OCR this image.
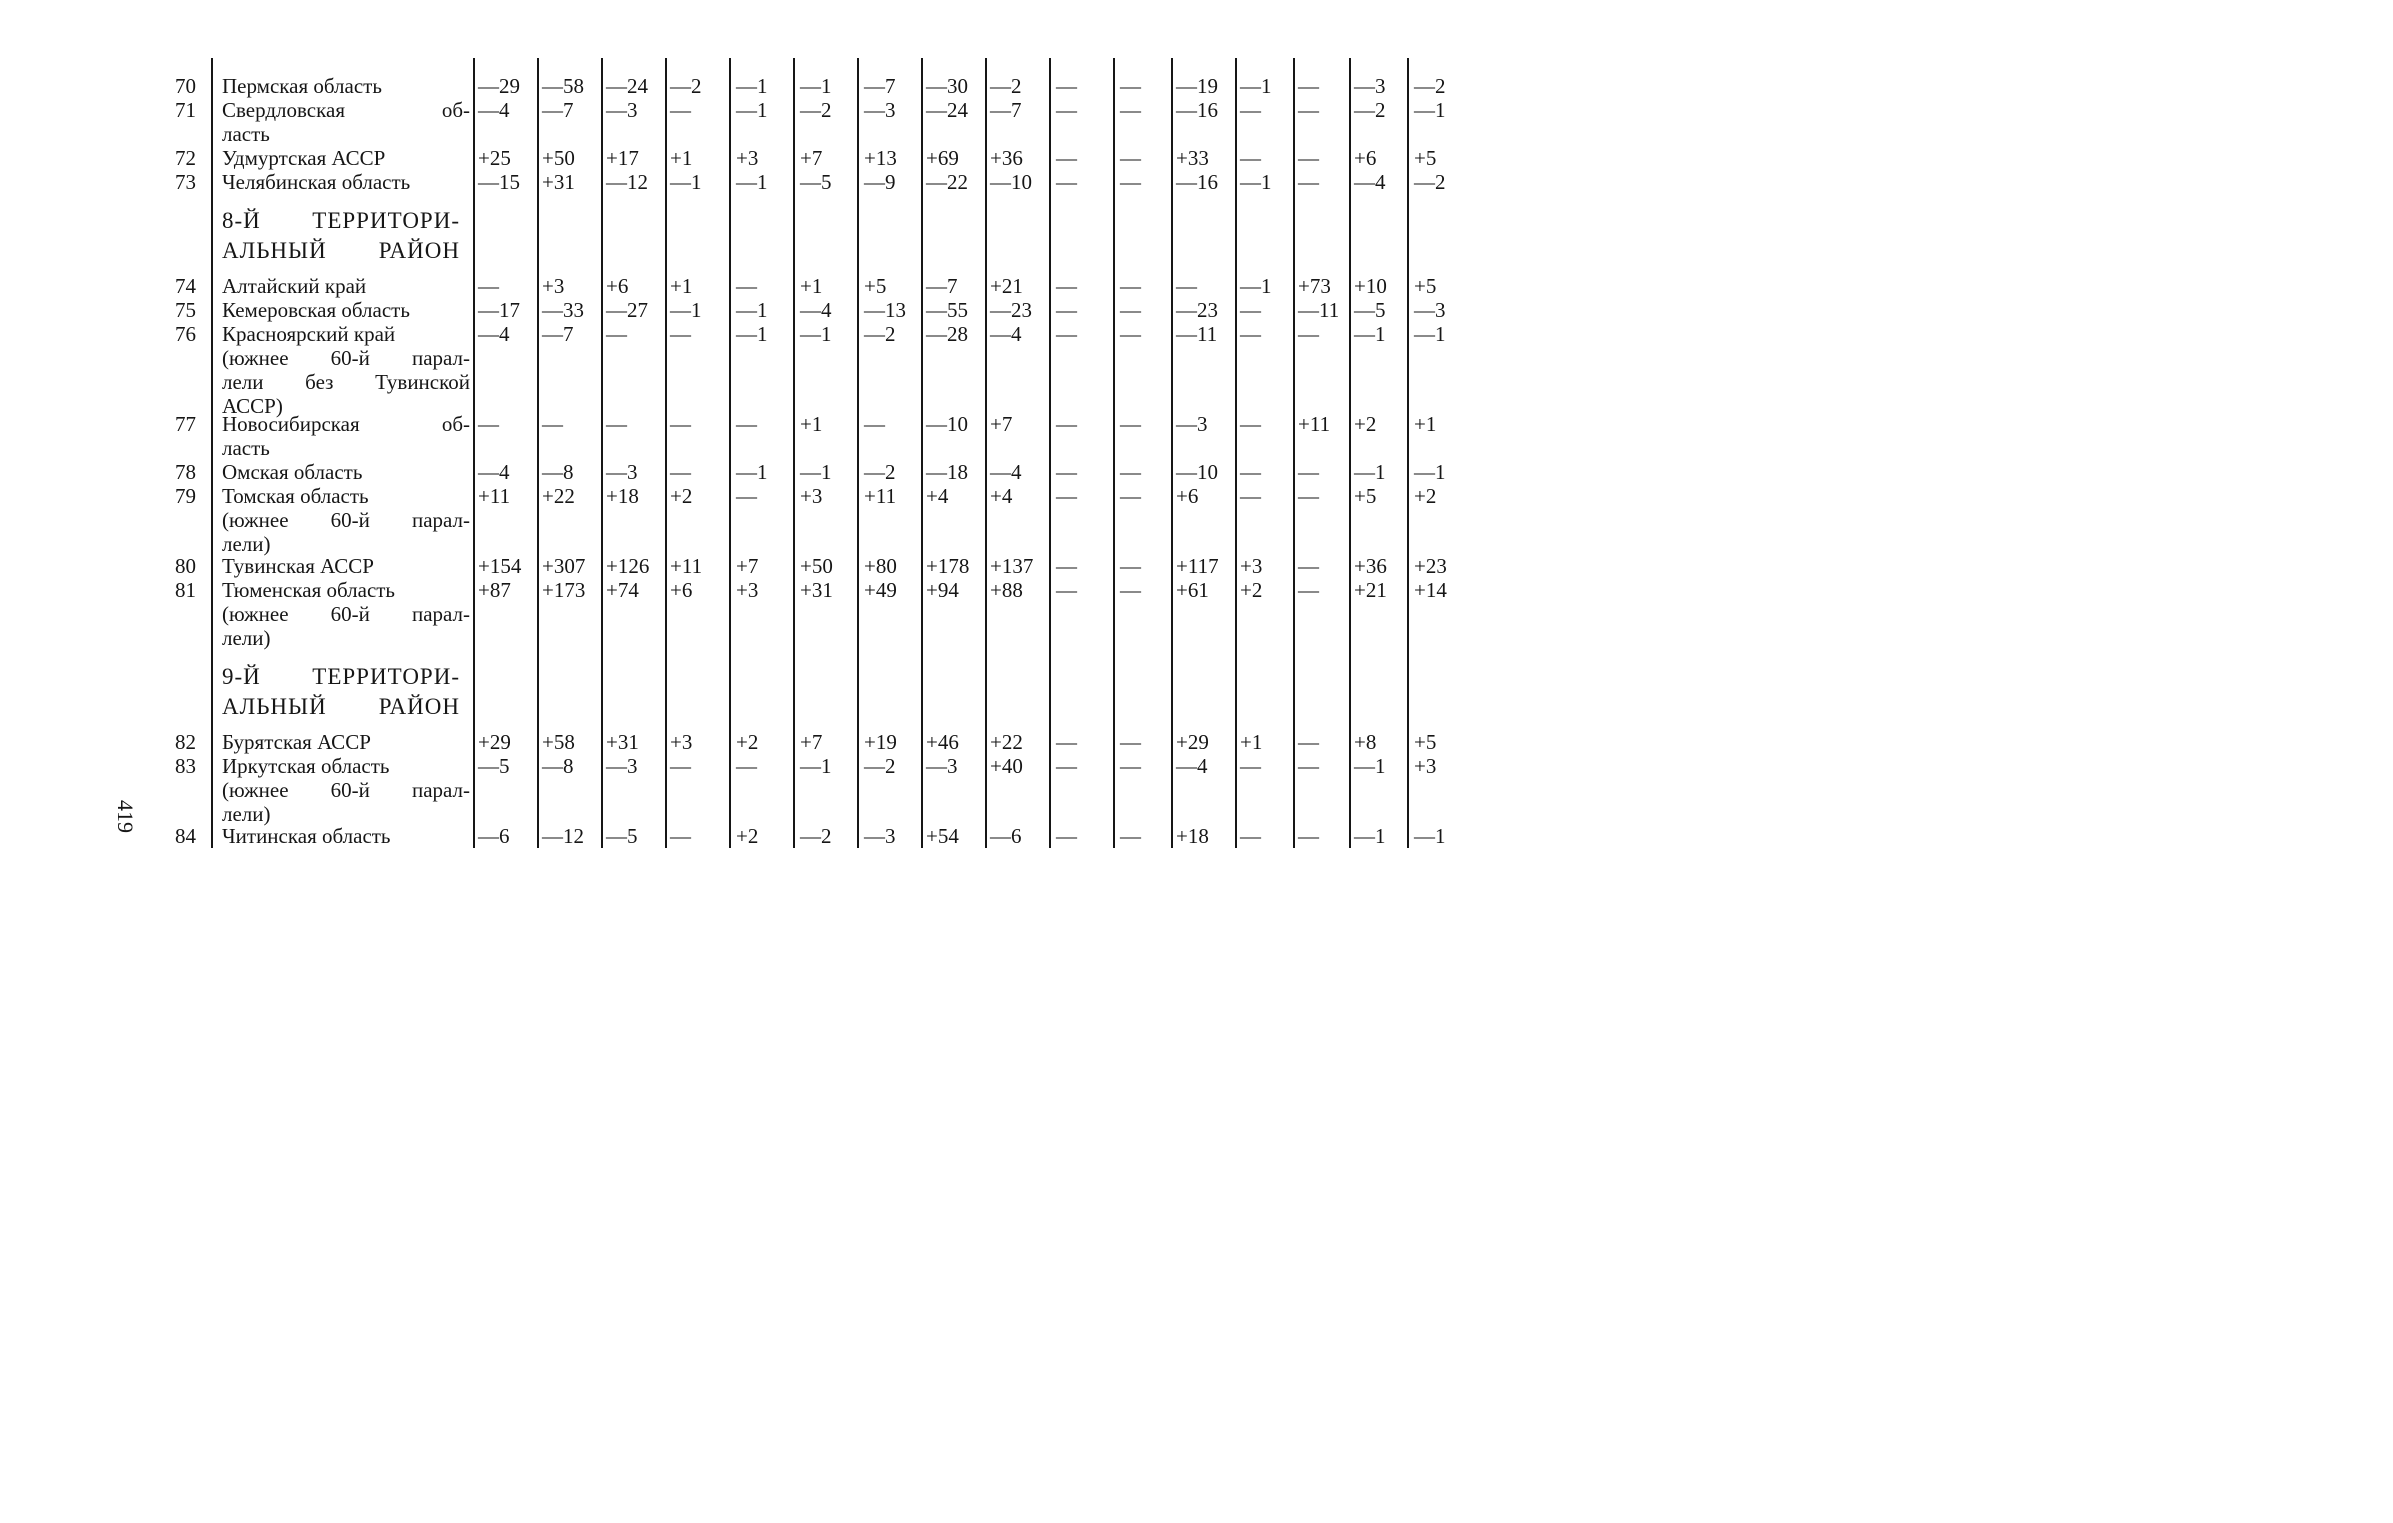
8-Й ТЕРРИТОРИ-
АЛЬНЫЙ РАЙОН
9-Й ТЕРРИТОРИ-
АЛЬНЫЙ РАЙОН
70 Пермская область	—29 —58 —24 —2 —1 —1 —7 —30 —2 — — —19 —1 — —3 —2
71 Свердловская об-
ласть
—4 —7 —3 — —1 —2 —3 —24 —7 — — —16 — — —2 —1
72 Удмуртская АССР	+25 +50 +17 +1 +3 +7 +13 +69 +36 — — +33 — — +6 +5
73 Челябинская область	—15 +31 —12 —1 —1 —5 —9 —22 —10 — — —16 —1 — —4 —2
74 Алтайский край	— +3 +6 +1 — +1 +5 —7 +21 — — — —1 +73 +10 +5
75 Кемеровская область	—17 —33 —27 —1 —1 —4 —13 —55 —23 — — —23 — —11 —5 —3
76 Красноярский край
(южнее 60-й парал-
лели без Тувинской
АССР)
—4 —7 — — —1 —1 —2 —28 —4 — — —11 — — —1 —1
77 Новосибирская об-
ласть
— — — — — +1 — —10 +7 — — —3 — +11 +2 +1
78 Омская область	—4 —8 —3 — —1 —1 —2 —18 —4 — — —10 — — —1 —1
79 Томская область
(южнее 60-й парал-
лели)
+11 +22 +18 +2 — +3 +11 +4 +4 — — +6 — — +5 +2
80 Тувинская АССР	+154 +307 +126 +11 +7 +50 +80 +178 +137 — — +117 +3 — +36 +23
81 Тюменская область
(южнее 60-й парал-
лели)
+87 +173 +74 +6 +3 +31 +49 +94 +88 — — +61 +2 — +21 +14
82 Бурятская АССР	+29 +58 +31 +3 +2 +7 +19 +46 +22 — — +29 +1 — +8 +5
83 Иркутская область
(южнее 60-й парал-
лели)
—5 —8 —3 — — —1 —2 —3 +40 — — —4 — — —1 +3
84 Читинская область	—6 —12 —5 — +2 —2 —3 +54 —6 — — +18 — — —1 —1
419
